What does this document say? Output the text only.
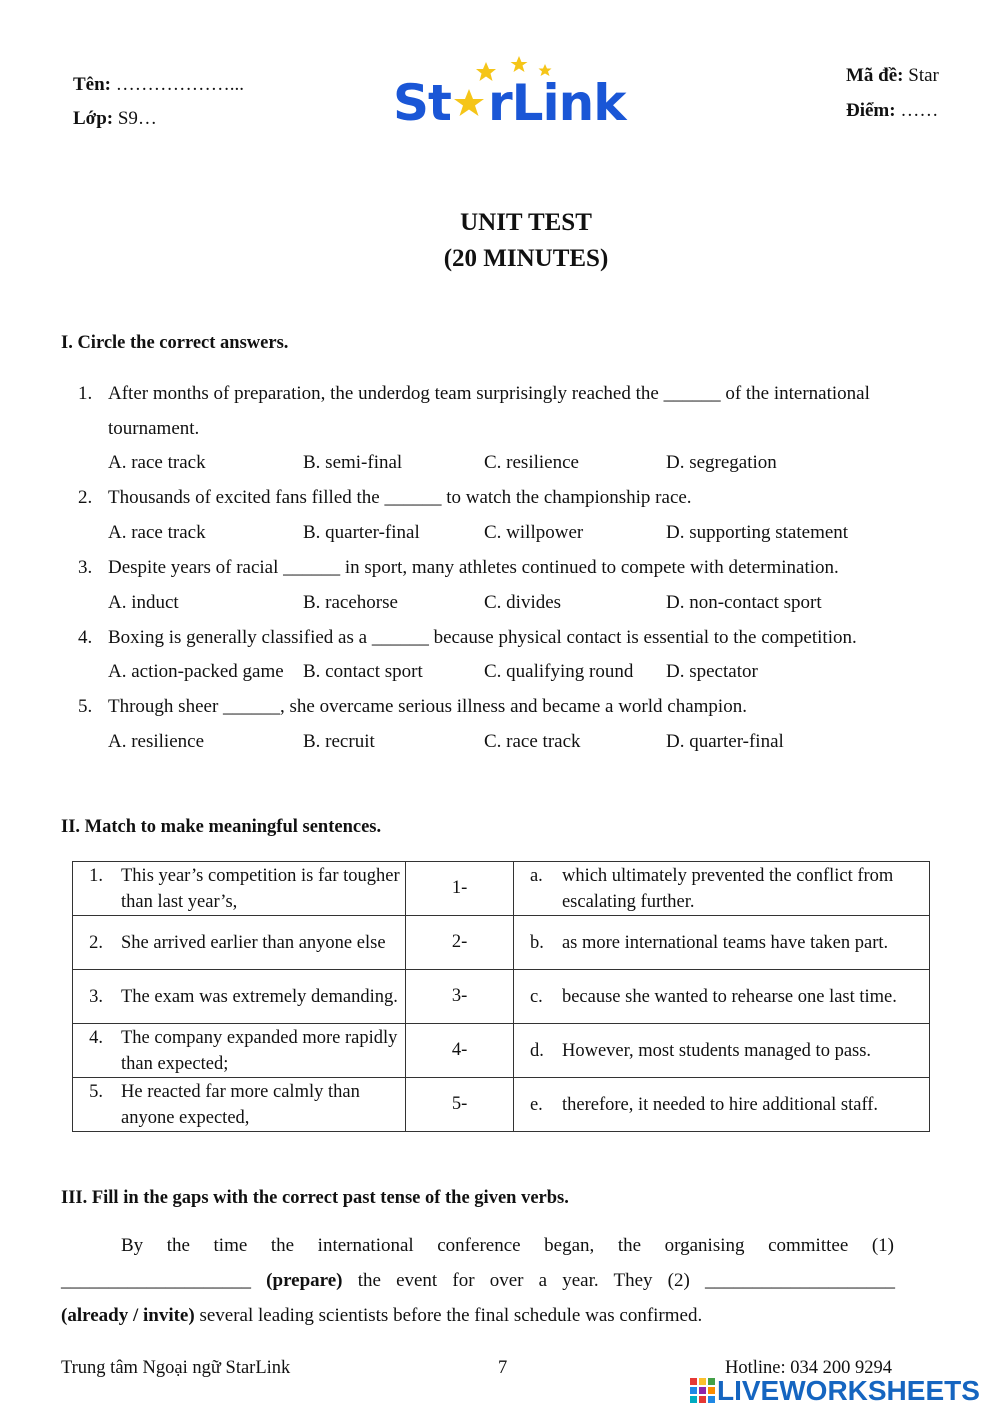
Tên: ………………...
Lớp: S9…	St rLink	Mã đề: Star
Điểm: ……
UNIT TEST
(20 MINUTES)
I. Circle the correct answers.
1. After months of preparation, the underdog team surprisingly reached the ______ of the international
tournament.
A. race track	B. semi-final	C. resilience	D. segregation
2. Thousands of excited fans filled the ______ to watch the championship race.
A. race track	B. quarter-final	C. willpower	D. supporting statement
3. Despite years of racial ______ in sport, many athletes continued to compete with determination.
A. induct	B. racehorse	C. divides	D. non-contact sport
4. Boxing is generally classified as a ______ because physical contact is essential to the competition.
A. action-packed game B. contact sport	C. qualifying round D. spectator
5. Through sheer ______, she overcame serious illness and became a world champion.
A. resilience	B. recruit	C. race track	D. quarter-final
II. Match to make meaningful sentences.
1. This year’s competition is far tougher than last year’s,	1-	a. which ultimately prevented the conflict from escalating further.

2. She arrived earlier than anyone else	2-	b. as more international teams have taken part.

3. The exam was extremely demanding.	3-	c. because she wanted to rehearse one last time.

4. The company expanded more rapidly than expected;	4-	d. However, most students managed to pass.

5. He reacted far more calmly than anyone expected,	5-	e. therefore, it needed to hire additional staff.
III. Fill in the gaps with the correct past tense of the given verbs.
By the time the international conference began, the organising committee (1)
____________________ (prepare) the event for over a year. They (2) ____________________
(already / invite) several leading scientists before the final schedule was confirmed.
Trung tâm Ngoại ngữ StarLink	7	Hotline: 034 200 9294
LIVEWORKSHEETS
